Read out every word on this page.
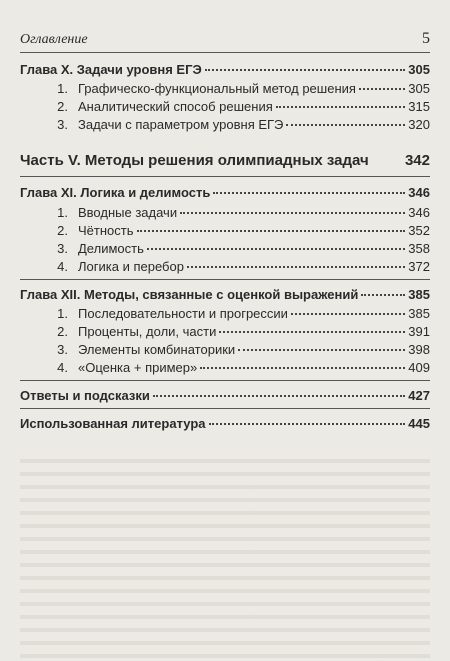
Оглавление	5
Глава X. Задачи уровня ЕГЭ	305
1. Графическо-функциональный метод решения	305
2. Аналитический способ решения	315
3. Задачи с параметром уровня ЕГЭ	320
Часть V. Методы решения олимпиадных задач 342
Глава XI. Логика и делимость	346
1. Вводные задачи	346
2. Чётность	352
3. Делимость	358
4. Логика и перебор	372
Глава XII. Методы, связанные с оценкой выражений	385
1. Последовательности и прогрессии	385
2. Проценты, доли, части	391
3. Элементы комбинаторики	398
4. «Оценка + пример»	409
Ответы и подсказки	427
Использованная литература	445
